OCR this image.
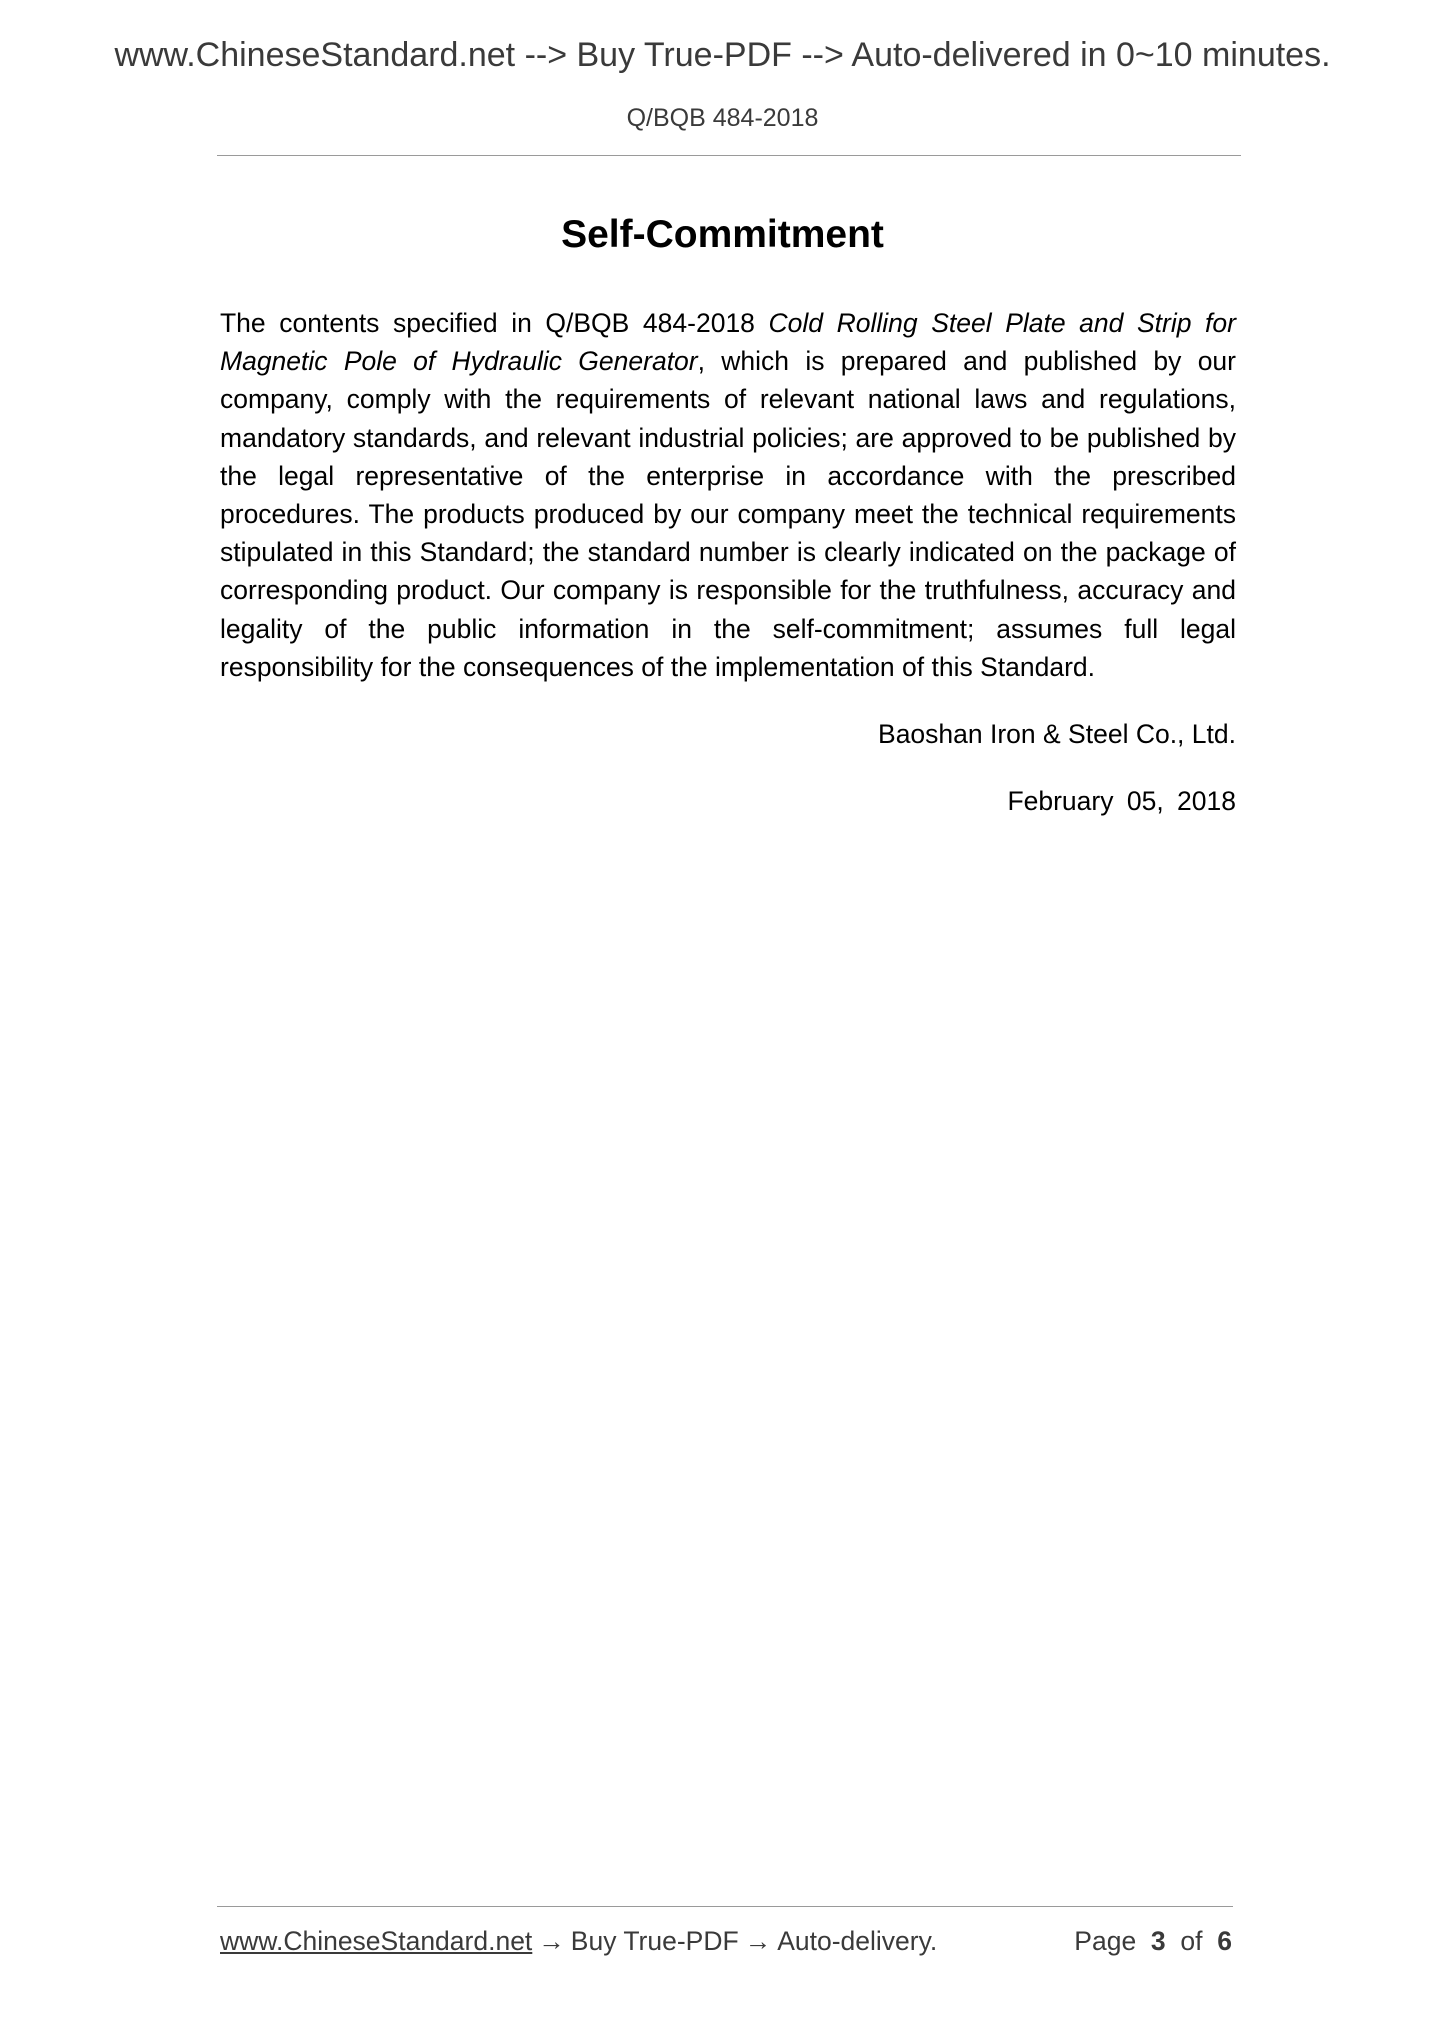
www.ChineseStandard.net --> Buy True-PDF --> Auto-delivered in 0~10 minutes.
Q/BQB 484-2018
Self-Commitment
The contents specified in Q/BQB 484-2018 Cold Rolling Steel Plate and Strip for Magnetic Pole of Hydraulic Generator, which is prepared and published by our company, comply with the requirements of relevant national laws and regulations, mandatory standards, and relevant industrial policies; are approved to be published by the legal representative of the enterprise in accordance with the prescribed procedures. The products produced by our company meet the technical requirements stipulated in this Standard; the standard number is clearly indicated on the package of corresponding product. Our company is responsible for the truthfulness, accuracy and legality of the public information in the self-commitment; assumes full legal responsibility for the consequences of the implementation of this Standard.
Baoshan Iron & Steel Co., Ltd.
February 05, 2018
www.ChineseStandard.net → Buy True-PDF → Auto-delivery.	Page 3 of 6
